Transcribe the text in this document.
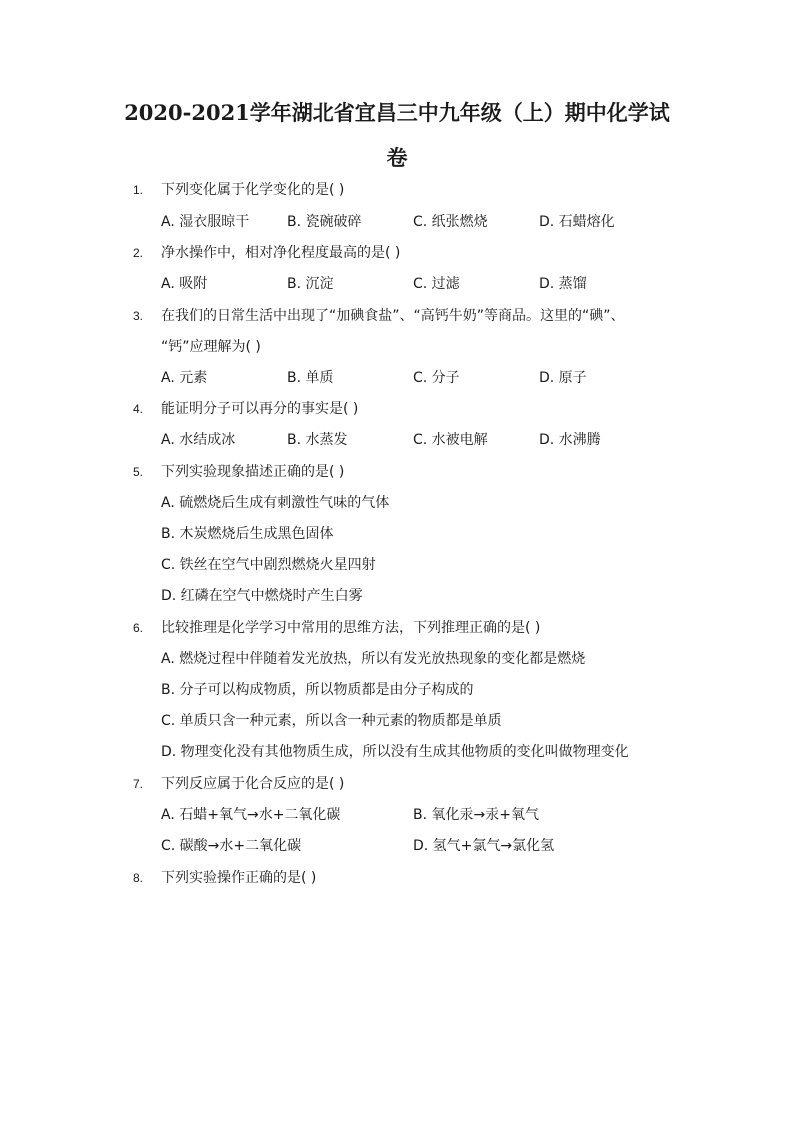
2020-2021学年湖北省宜昌三中九年级（上）期中化学试
卷
1. 下列变化属于化学变化的是( )
A. 湿衣服晾干	B. 瓷碗破碎	C. 纸张燃烧	D. 石蜡熔化
2. 净水操作中，相对净化程度最高的是( )
A. 吸附	B. 沉淀	C. 过滤	D. 蒸馏
3. 在我们的日常生活中出现了“加碘食盐”、“高钙牛奶”等商品。这里的“碘”、
“钙”应理解为( )
A. 元素	B. 单质	C. 分子	D. 原子
4. 能证明分子可以再分的事实是( )
A. 水结成冰	B. 水蒸发	C. 水被电解	D. 水沸腾
5. 下列实验现象描述正确的是( )
A. 硫燃烧后生成有刺激性气味的气体
B. 木炭燃烧后生成黑色固体
C. 铁丝在空气中剧烈燃烧火星四射
D. 红磷在空气中燃烧时产生白雾
6. 比较推理是化学学习中常用的思维方法，下列推理正确的是( )
A. 燃烧过程中伴随着发光放热，所以有发光放热现象的变化都是燃烧
B. 分子可以构成物质，所以物质都是由分子构成的
C. 单质只含一种元素，所以含一种元素的物质都是单质
D. 物理变化没有其他物质生成，所以没有生成其他物质的变化叫做物理变化
7. 下列反应属于化合反应的是( )
A. 石蜡+氧气→水+二氧化碳	B. 氧化汞→汞+氧气
C. 碳酸→水+二氧化碳	D. 氢气+氯气→氯化氢
8. 下列实验操作正确的是( )
